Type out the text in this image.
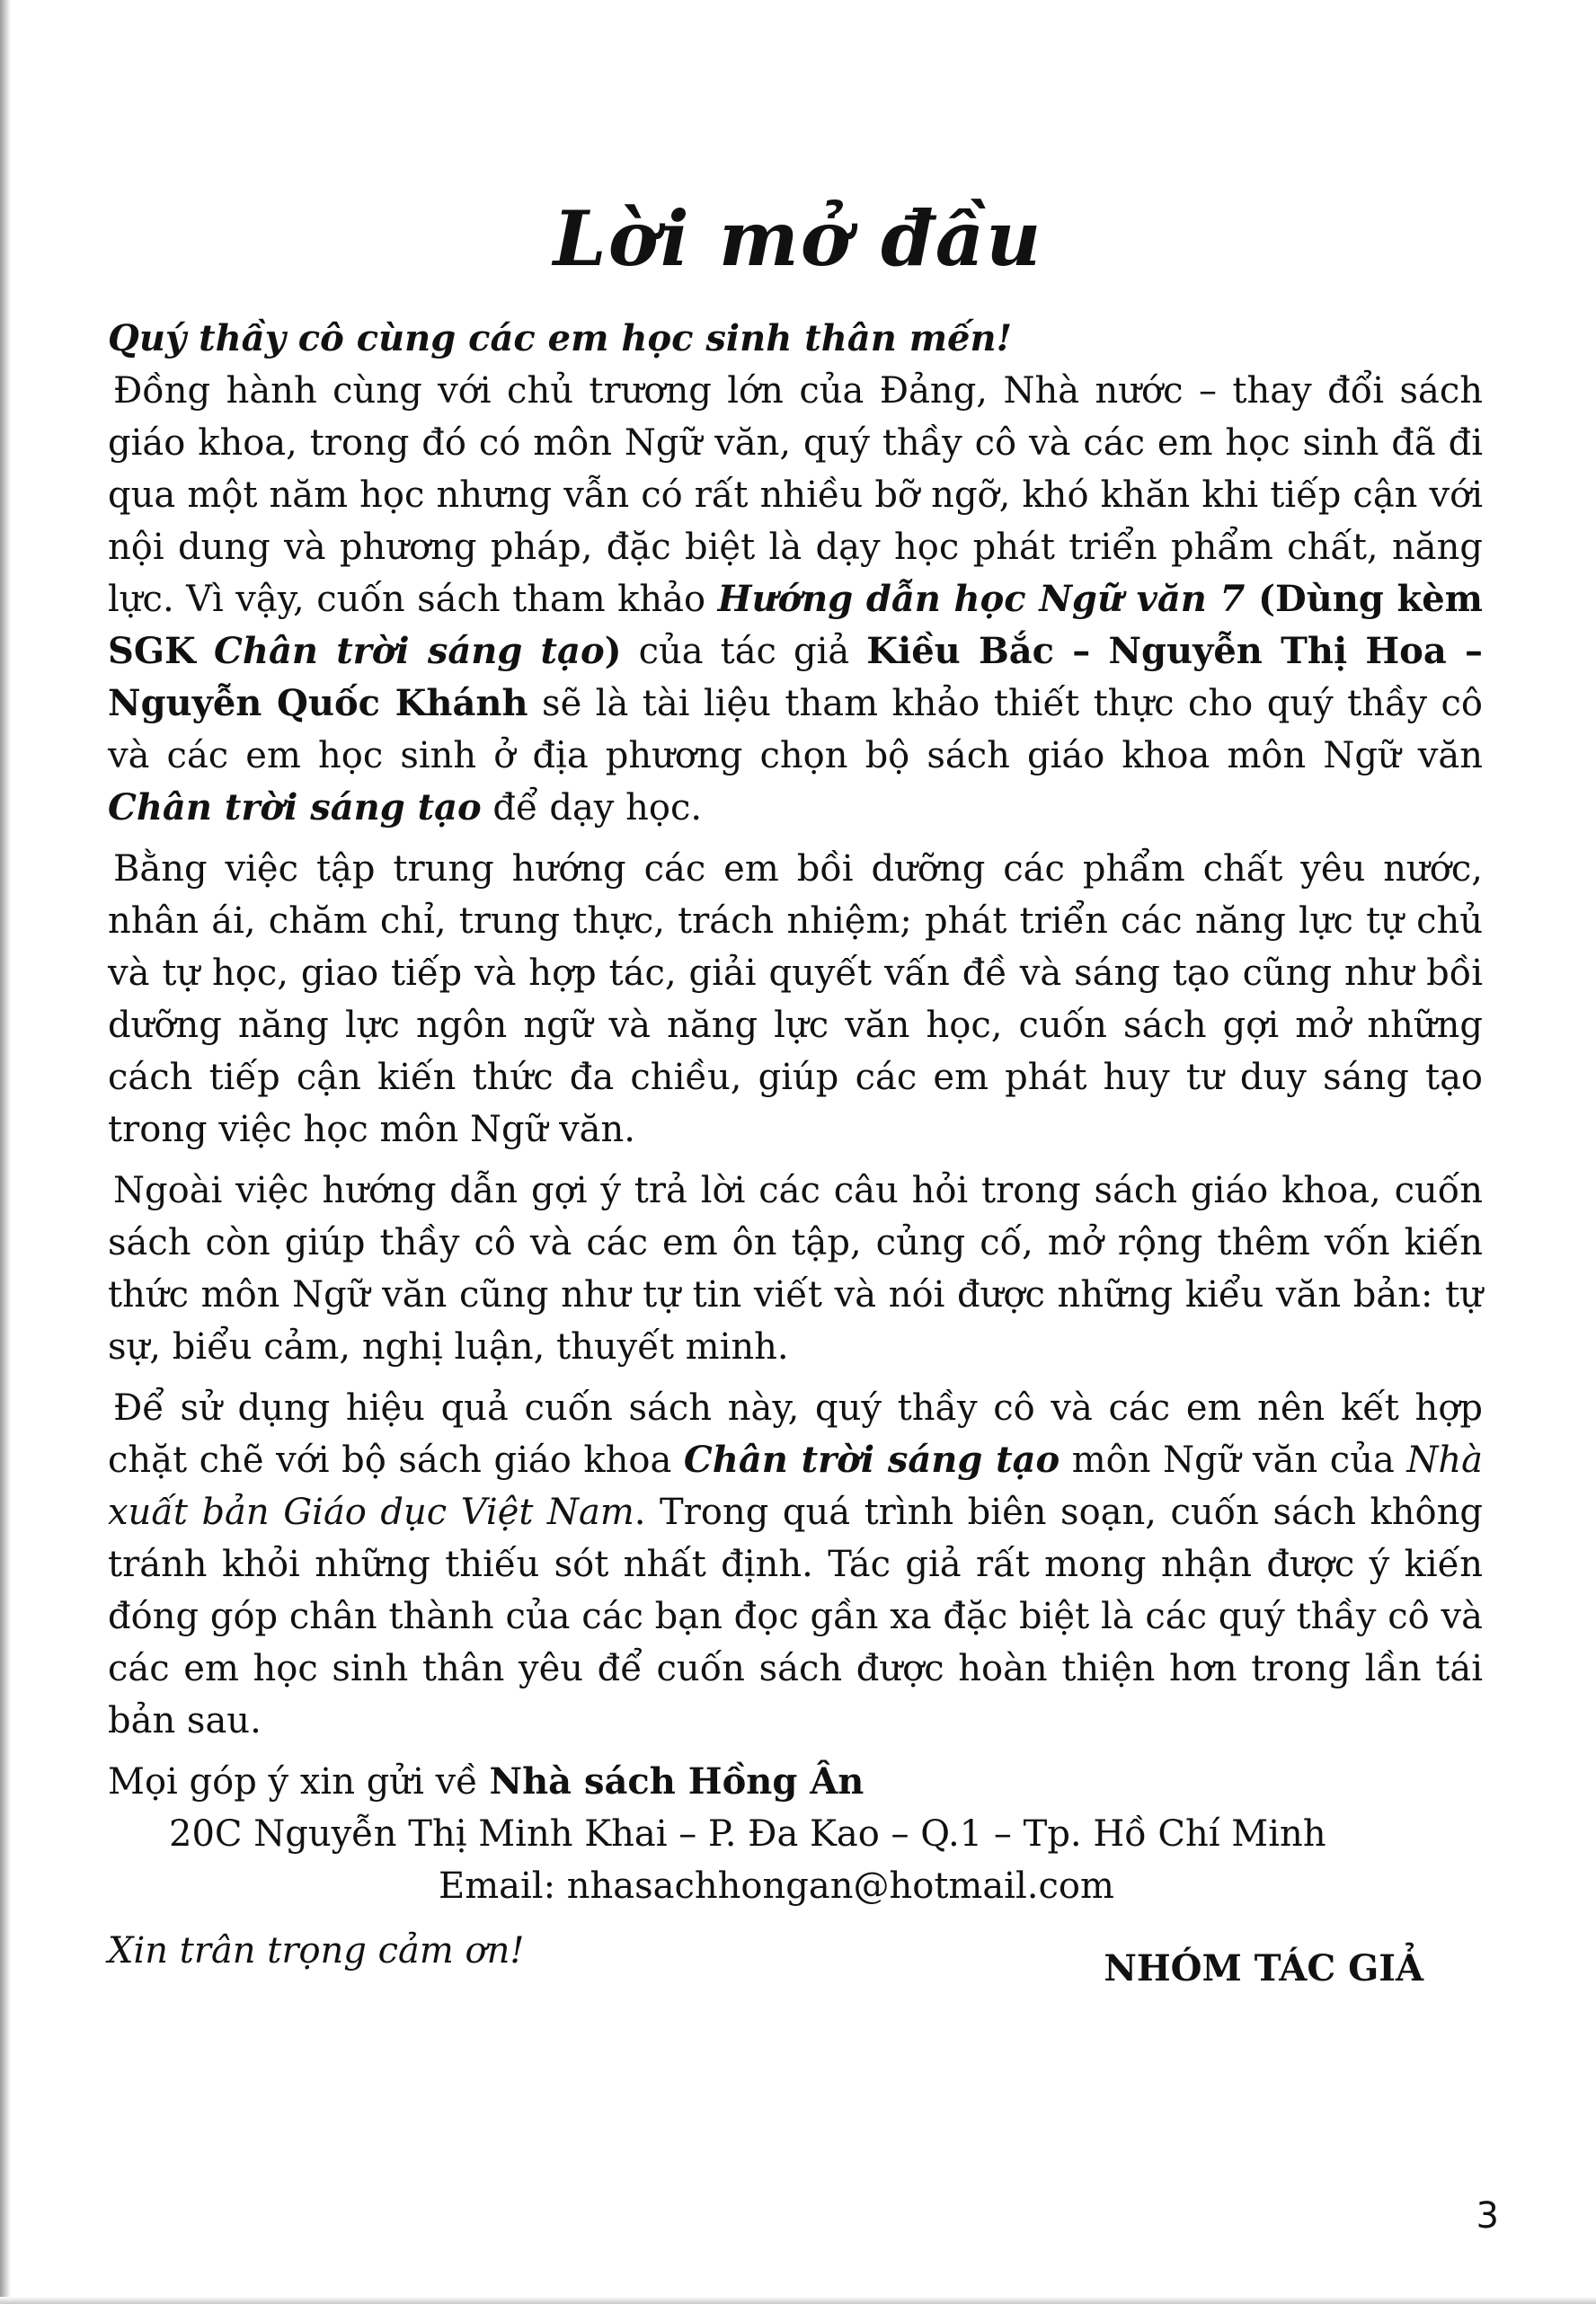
Lời mở đầu

Quý thầy cô cùng các em học sinh thân mến!

Đồng hành cùng với chủ trương lớn của Đảng, Nhà nước – thay đổi sách giáo khoa, trong đó có môn Ngữ văn, quý thầy cô và các em học sinh đã đi qua một năm học nhưng vẫn có rất nhiều bỡ ngỡ, khó khăn khi tiếp cận với nội dung và phương pháp, đặc biệt là dạy học phát triển phẩm chất, năng lực. Vì vậy, cuốn sách tham khảo Hướng dẫn học Ngữ văn 7 (Dùng kèm SGK Chân trời sáng tạo) của tác giả Kiều Bắc – Nguyễn Thị Hoa – Nguyễn Quốc Khánh sẽ là tài liệu tham khảo thiết thực cho quý thầy cô và các em học sinh ở địa phương chọn bộ sách giáo khoa môn Ngữ văn Chân trời sáng tạo để dạy học.

Bằng việc tập trung hướng các em bồi dưỡng các phẩm chất yêu nước, nhân ái, chăm chỉ, trung thực, trách nhiệm; phát triển các năng lực tự chủ và tự học, giao tiếp và hợp tác, giải quyết vấn đề và sáng tạo cũng như bồi dưỡng năng lực ngôn ngữ và năng lực văn học, cuốn sách gợi mở những cách tiếp cận kiến thức đa chiều, giúp các em phát huy tư duy sáng tạo trong việc học môn Ngữ văn.

Ngoài việc hướng dẫn gợi ý trả lời các câu hỏi trong sách giáo khoa, cuốn sách còn giúp thầy cô và các em ôn tập, củng cố, mở rộng thêm vốn kiến thức môn Ngữ văn cũng như tự tin viết và nói được những kiểu văn bản: tự sự, biểu cảm, nghị luận, thuyết minh.

Để sử dụng hiệu quả cuốn sách này, quý thầy cô và các em nên kết hợp chặt chẽ với bộ sách giáo khoa Chân trời sáng tạo môn Ngữ văn của Nhà xuất bản Giáo dục Việt Nam. Trong quá trình biên soạn, cuốn sách không tránh khỏi những thiếu sót nhất định. Tác giả rất mong nhận được ý kiến đóng góp chân thành của các bạn đọc gần xa đặc biệt là các quý thầy cô và các em học sinh thân yêu để cuốn sách được hoàn thiện hơn trong lần tái bản sau.

Mọi góp ý xin gửi về Nhà sách Hồng Ân

20C Nguyễn Thị Minh Khai – P. Đa Kao – Q.1 – Tp. Hồ Chí Minh

Email: nhasachhongan@hotmail.com

Xin trân trọng cảm ơn!	NHÓM TÁC GIẢ
3
